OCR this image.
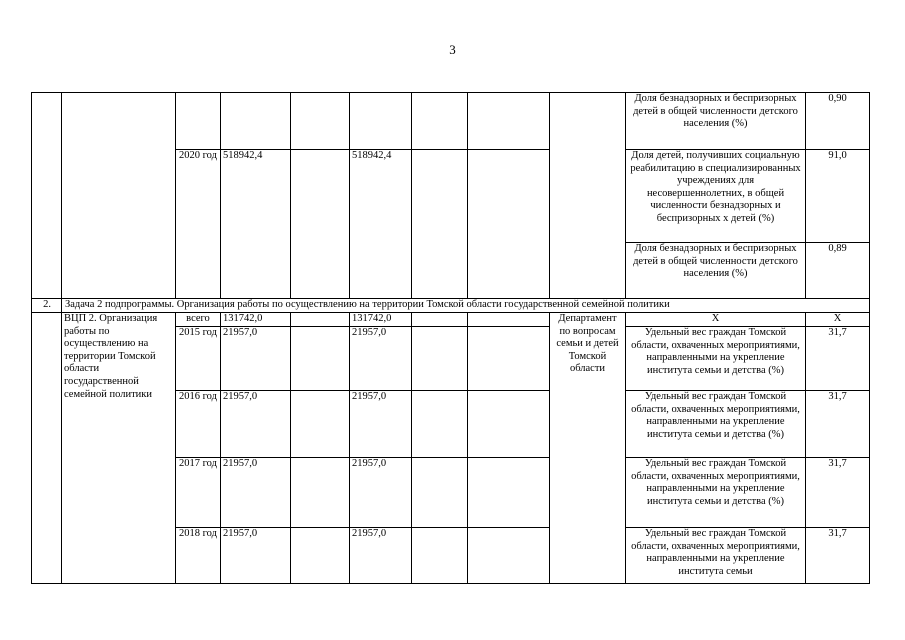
3
									Доля безнадзорных и беспризорных детей в общей численности детского населения (%)	0,90
		2020 год	518942,4		518942,4				Доля детей, получивших социальную реабилитацию в специализированных учреждениях для несовершеннолетних, в общей численности безнадзорных и беспризорных х детей (%)	91,0
									Доля безнадзорных и беспризорных детей в общей численности детского населения (%)	0,89
2.	Задача 2 подпрограммы. Организация работы по осуществлению на территории Томской области государственной семейной политики									
	ВЦП 2. Организация работы по осуществлению на территории Томской области государственной семейной политики	всего	131742,0		131742,0			Департамент по вопросам семьи и детей Томской области	Х	Х
		2015 год	21957,0		21957,0				Удельный вес граждан Томской области, охваченных мероприятиями, направленными на укрепление института семьи и детства (%)	31,7

		2016 год	21957,0		21957,0				Удельный вес граждан Томской области, охваченных мероприятиями, направленными на укрепление института семьи и детства (%)	31,7
		2017 год	21957,0		21957,0				Удельный вес граждан Томской области, охваченных мероприятиями, направленными на укрепление института семьи и детства (%)	31,7
		2018 год	21957,0		21957,0				Удельный вес граждан Томской области, охваченных мероприятиями, направленными на укрепление института семьи	31,7
